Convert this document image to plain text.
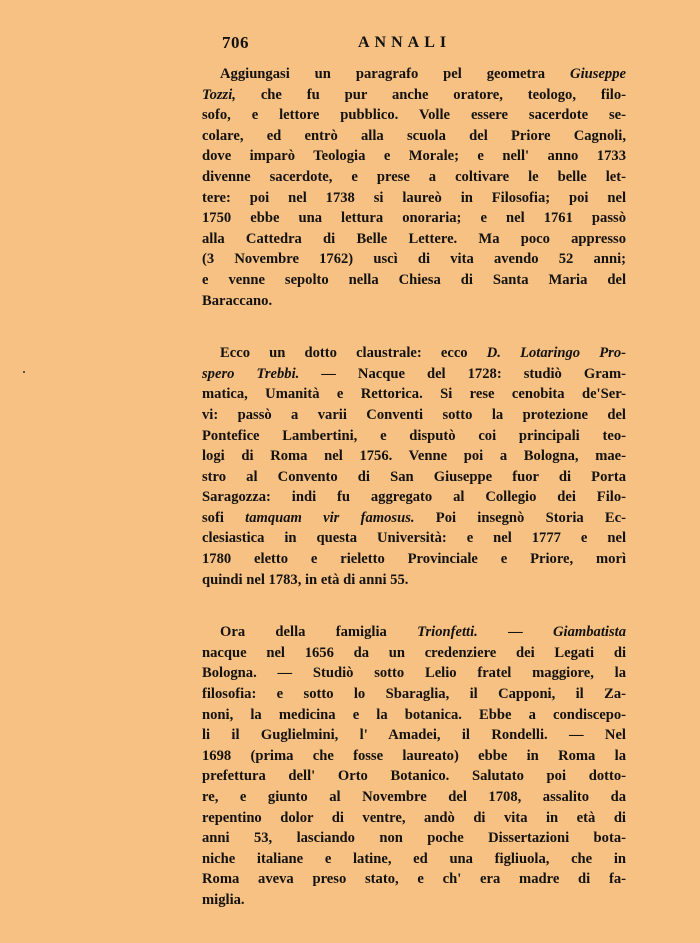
706	ANNALI
Aggiungasi un paragrafo pel geometra Giuseppe
Tozzi, che fu pur anche oratore, teologo, filo-
sofo, e lettore pubblico. Volle essere sacerdote se-
colare, ed entrò alla scuola del Priore Cagnoli,
dove imparò Teologia e Morale; e nell' anno 1733
divenne sacerdote, e prese a coltivare le belle let-
tere: poi nel 1738 si laureò in Filosofia; poi nel
1750 ebbe una lettura onoraria; e nel 1761 passò
alla Cattedra di Belle Lettere. Ma poco appresso
(3 Novembre 1762) uscì di vita avendo 52 anni;
e venne sepolto nella Chiesa di Santa Maria del
Baraccano.
Ecco un dotto claustrale: ecco D. Lotaringo Pro-
spero Trebbi. — Nacque del 1728: studiò Gram-
matica, Umanità e Rettorica. Si rese cenobita de'Ser-
vi: passò a varii Conventi sotto la protezione del
Pontefice Lambertini, e disputò coi principali teo-
logi di Roma nel 1756. Venne poi a Bologna, mae-
stro al Convento di San Giuseppe fuor di Porta
Saragozza: indi fu aggregato al Collegio dei Filo-
sofi tamquam vir famosus. Poi insegnò Storia Ec-
clesiastica in questa Università: e nel 1777 e nel
1780 eletto e rieletto Provinciale e Priore, morì
quindi nel 1783, in età di anni 55.
Ora della famiglia Trionfetti. — Giambatista
nacque nel 1656 da un credenziere dei Legati di
Bologna. — Studiò sotto Lelio fratel maggiore, la
filosofia: e sotto lo Sbaraglia, il Capponi, il Za-
noni, la medicina e la botanica. Ebbe a condiscepo-
li il Guglielmini, l' Amadei, il Rondelli. — Nel
1698 (prima che fosse laureato) ebbe in Roma la
prefettura dell' Orto Botanico. Salutato poi dotto-
re, e giunto al Novembre del 1708, assalito da
repentino dolor di ventre, andò di vita in età di
anni 53, lasciando non poche Dissertazioni bota-
niche italiane e latine, ed una figliuola, che in
Roma aveva preso stato, e ch' era madre di fa-
miglia.
